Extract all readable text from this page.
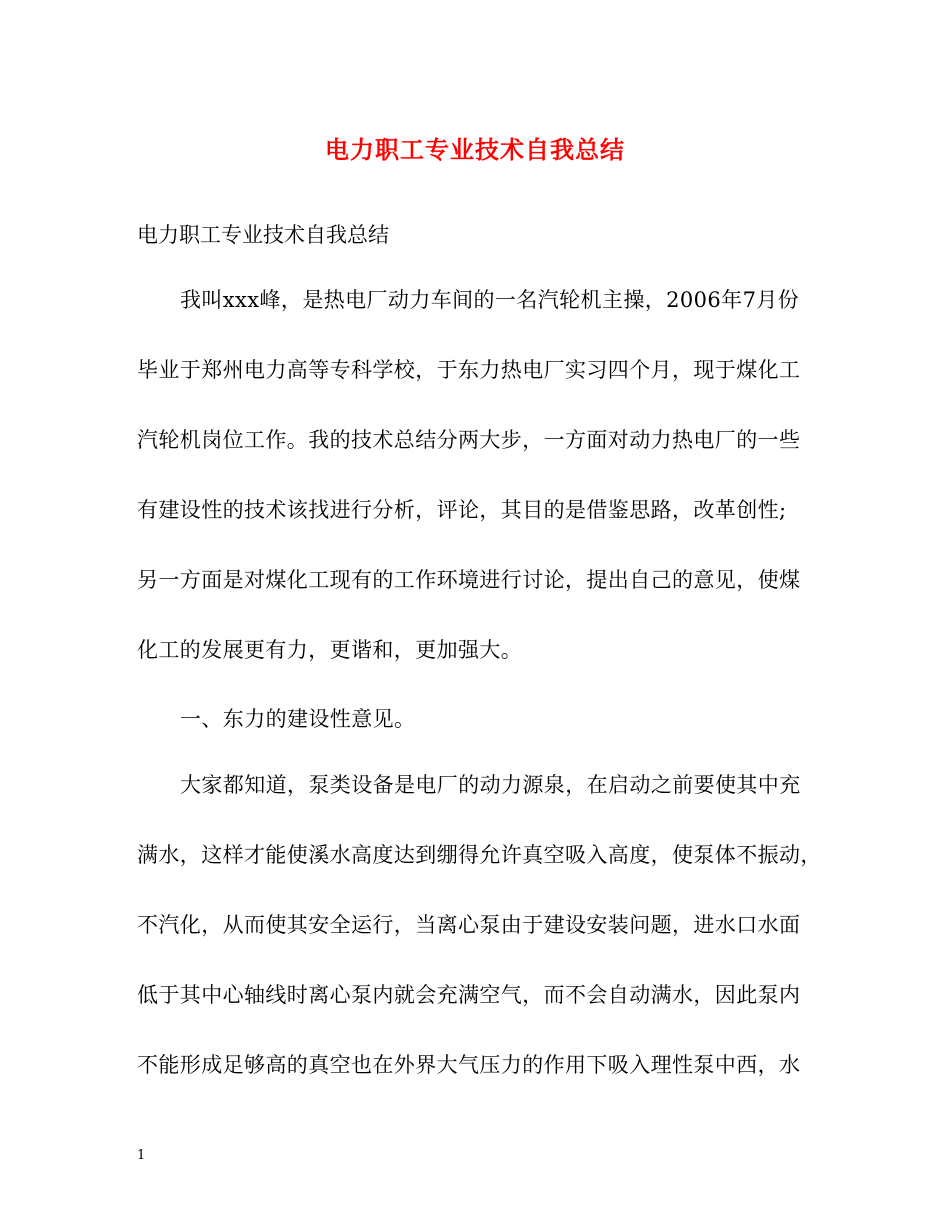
电力职工专业技术自我总结

电力职工专业技术自我总结

我叫xxx峰，是热电厂动力车间的一名汽轮机主操，2006年7月份

毕业于郑州电力高等专科学校，于东力热电厂实习四个月，现于煤化工

汽轮机岗位工作。我的技术总结分两大步，一方面对动力热电厂的一些

有建设性的技术该找进行分析，评论，其目的是借鉴思路，改革创性;

另一方面是对煤化工现有的工作环境进行讨论，提出自己的意见，使煤

化工的发展更有力，更谐和，更加强大。

一、东力的建设性意见。

大家都知道，泵类设备是电厂的动力源泉，在启动之前要使其中充

满水，这样才能使溪水高度达到绷得允许真空吸入高度，使泵体不振动，

不汽化，从而使其安全运行，当离心泵由于建设安装问题，进水口水面

低于其中心轴线时离心泵内就会充满空气，而不会自动满水，因此泵内

不能形成足够高的真空也在外界大气压力的作用下吸入理性泵中西，水

1
